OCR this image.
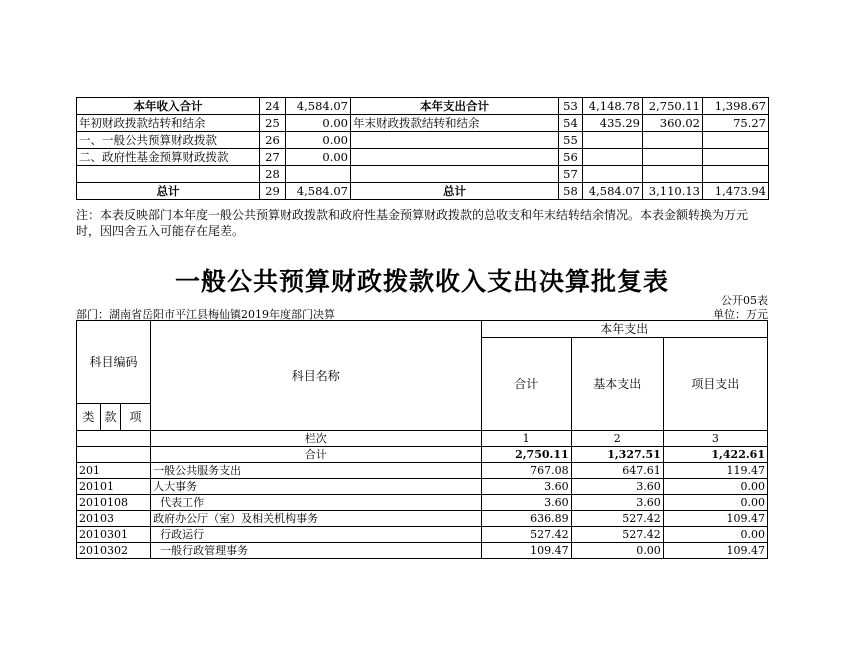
本年收入合计	24	4,584.07	本年支出合计	53	4,148.78	2,750.11	1,398.67
年初财政拨款结转和结余	25	0.00	年末财政拨款结转和结余	54	435.29	360.02	75.27
一、一般公共预算财政拨款	26	0.00		55			
二、政府性基金预算财政拨款	27	0.00		56			
	28			57			
总计	29	4,584.07	总计	58	4,584.07	3,110.13	1,473.94
注：本表反映部门本年度一般公共预算财政拨款和政府性基金预算财政拨款的总收支和年末结转结余情况。本表金额转换为万元时，因四舍五入可能存在尾差。
一般公共预算财政拨款收入支出决算批复表
公开05表
部门：湖南省岳阳市平江县梅仙镇2019年度部门决算	单位：万元
科目编码			科目名称	本年支出		
				合计	基本支出	项目支出
类	款	项				
			栏次	1	2	3
			合计	2,750.11	1,327.51	1,422.61
201			一般公共服务支出	767.08	647.61	119.47
20101			人大事务	3.60	3.60	0.00
2010108			代表工作	3.60	3.60	0.00
20103			政府办公厅（室）及相关机构事务	636.89	527.42	109.47
2010301			行政运行	527.42	527.42	0.00
2010302			一般行政管理事务	109.47	0.00	109.47
